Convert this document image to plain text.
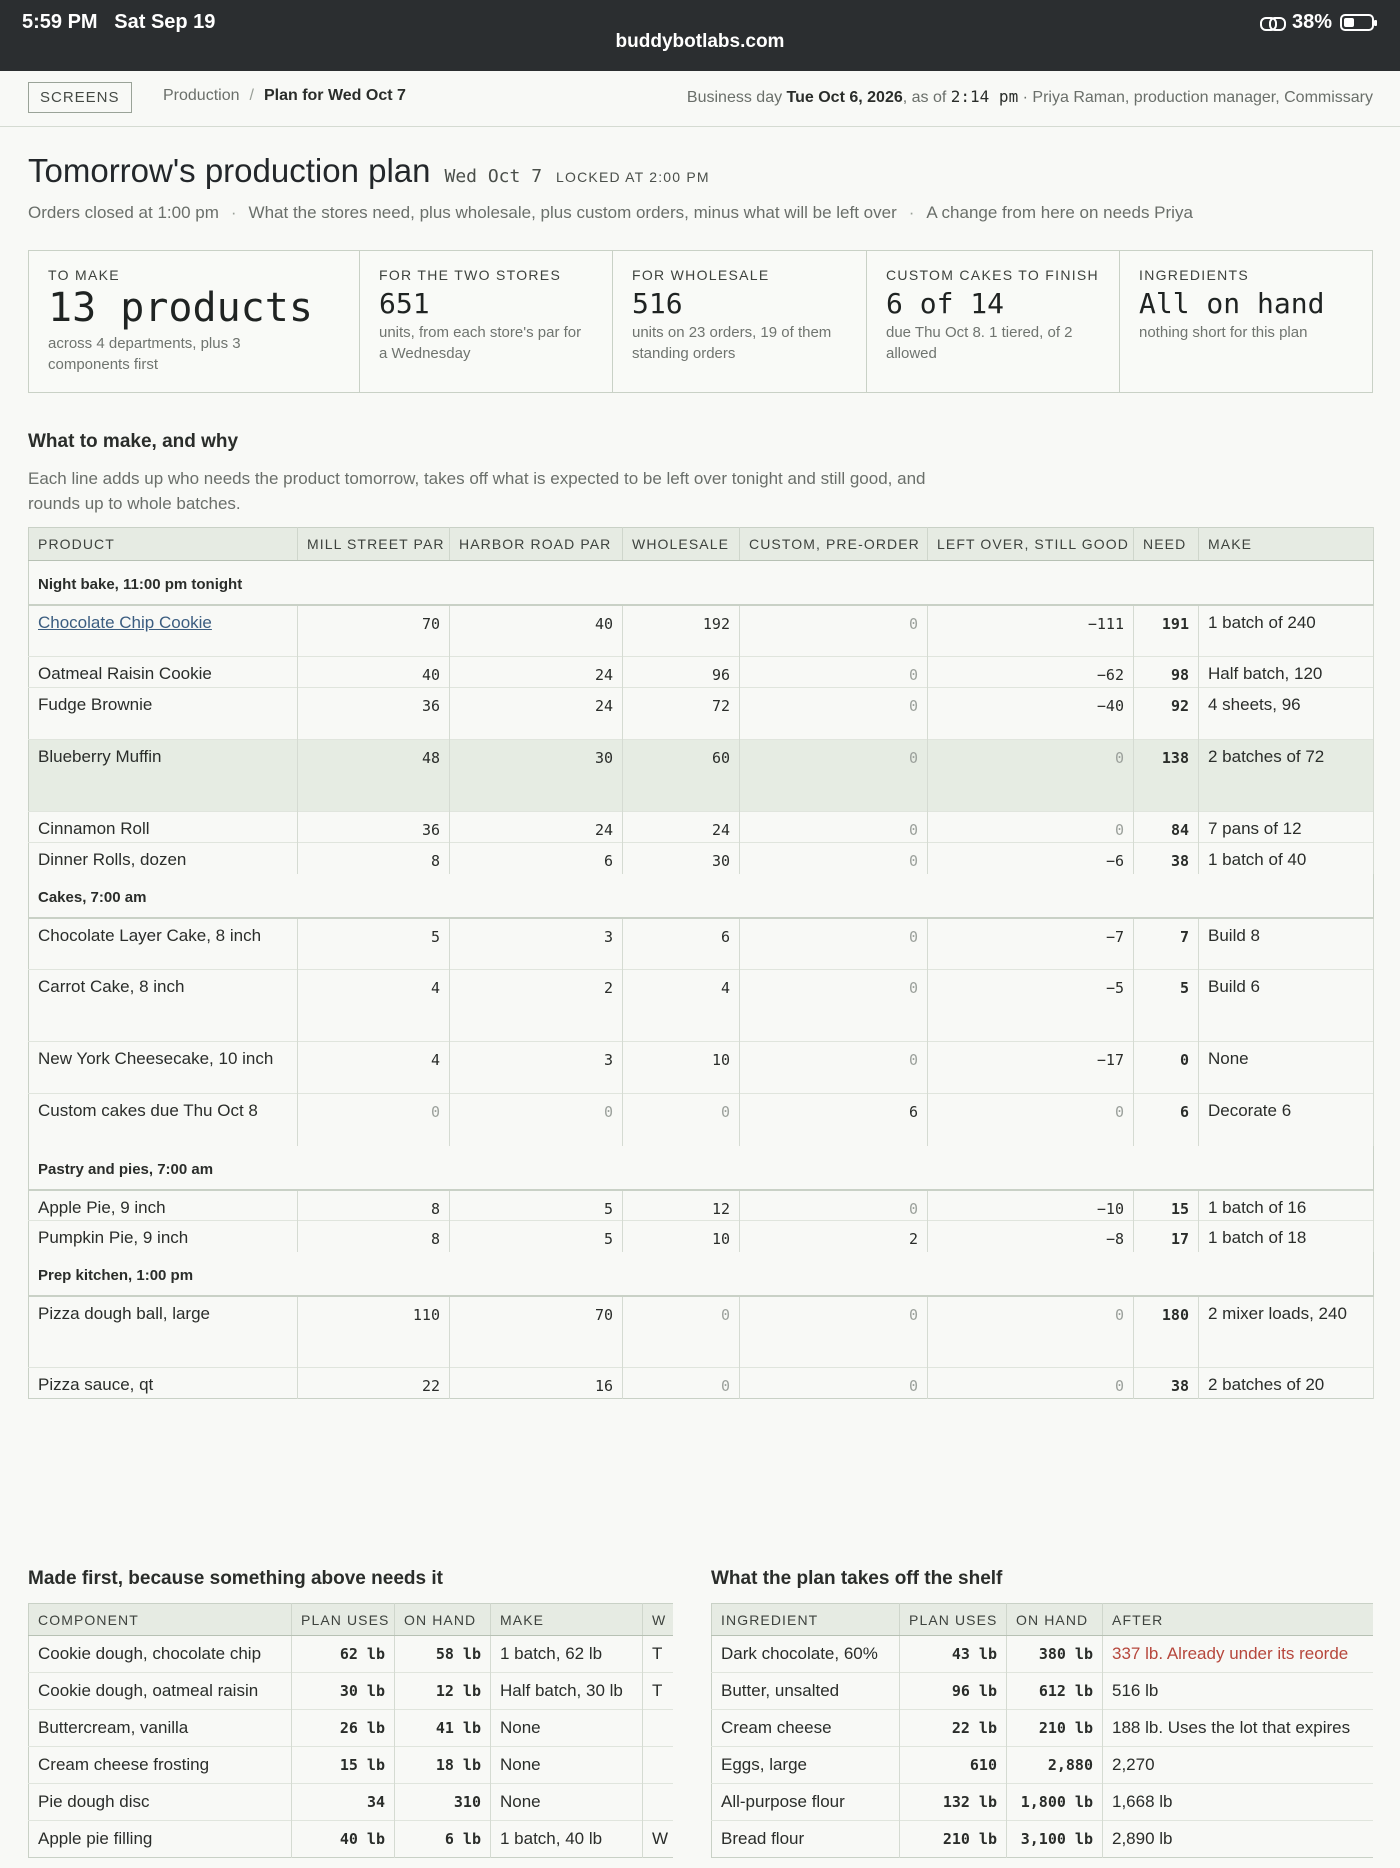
5:59 PM Sat Sep 19
buddybotlabs.com
38%
SCREENS	Production / Plan for Wed Oct 7	Business day Tue Oct 6, 2026, as of 2:14 pm · Priya Raman, production manager, Commissary
Tomorrow's production plan Wed Oct 7 LOCKED AT 2:00 PM
Orders closed at 1:00 pm · What the stores need, plus wholesale, plus custom orders, minus what will be left over · A change from here on needs Priya
TO MAKE
13 products
across 4 departments, plus 3 components first
FOR THE TWO STORES
651
units, from each store's par for a Wednesday
FOR WHOLESALE
516
units on 23 orders, 19 of them standing orders
CUSTOM CAKES TO FINISH
6 of 14
due Thu Oct 8. 1 tiered, of 2 allowed
INGREDIENTS
All on hand
nothing short for this plan
What to make, and why
Each line adds up who needs the product tomorrow, takes off what is expected to be left over tonight and still good, and rounds up to whole batches.
PRODUCT	MILL STREET PAR	HARBOR ROAD PAR	WHOLESALE	CUSTOM, PRE-ORDER	LEFT OVER, STILL GOOD	NEED	MAKE
Night bake, 11:00 pm tonight							
Chocolate Chip Cookie	70	40	192	0	−111	191	1 batch of 240
Oatmeal Raisin Cookie	40	24	96	0	−62	98	Half batch, 120
Fudge Brownie	36	24	72	0	−40	92	4 sheets, 96
Blueberry Muffin	48	30	60	0	0	138	2 batches of 72
Cinnamon Roll	36	24	24	0	0	84	7 pans of 12
Dinner Rolls, dozen	8	6	30	0	−6	38	1 batch of 40
Cakes, 7:00 am							
Chocolate Layer Cake, 8 inch	5	3	6	0	−7	7	Build 8
Carrot Cake, 8 inch	4	2	4	0	−5	5	Build 6
New York Cheesecake, 10 inch	4	3	10	0	−17	0	None
Custom cakes due Thu Oct 8	0	0	0	6	0	6	Decorate 6
Pastry and pies, 7:00 am							
Apple Pie, 9 inch	8	5	12	0	−10	15	1 batch of 16
Pumpkin Pie, 9 inch	8	5	10	2	−8	17	1 batch of 18
Prep kitchen, 1:00 pm							
Pizza dough ball, large	110	70	0	0	0	180	2 mixer loads, 240
Pizza sauce, qt	22	16	0	0	0	38	2 batches of 20
Made first, because something above needs it
COMPONENT	PLAN USES	ON HAND	MAKE	W
Cookie dough, chocolate chip	62 lb	58 lb	1 batch, 62 lb	T
Cookie dough, oatmeal raisin	30 lb	12 lb	Half batch, 30 lb	T
Buttercream, vanilla	26 lb	41 lb	None	
Cream cheese frosting	15 lb	18 lb	None	
Pie dough disc	34	310	None	
Apple pie filling	40 lb	6 lb	1 batch, 40 lb	W
What the plan takes off the shelf
INGREDIENT	PLAN USES	ON HAND	AFTER
Dark chocolate, 60%	43 lb	380 lb	337 lb. Already under its reorde
Butter, unsalted	96 lb	612 lb	516 lb
Cream cheese	22 lb	210 lb	188 lb. Uses the lot that expires
Eggs, large	610	2,880	2,270
All-purpose flour	132 lb	1,800 lb	1,668 lb
Bread flour	210 lb	3,100 lb	2,890 lb
